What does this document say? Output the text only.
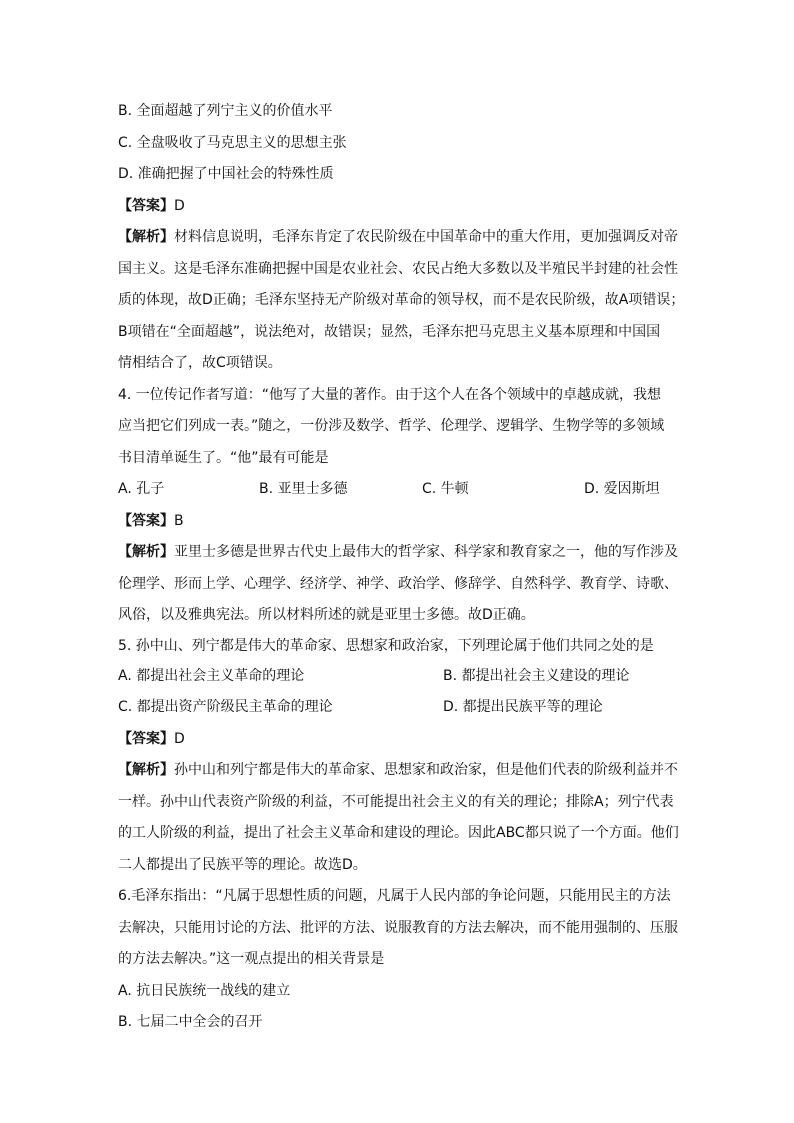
B. 全面超越了列宁主义的价值水平
C. 全盘吸收了马克思主义的思想主张
D. 准确把握了中国社会的特殊性质
【答案】D
【解析】材料信息说明，毛泽东肯定了农民阶级在中国革命中的重大作用，更加强调反对帝
国主义。这是毛泽东准确把握中国是农业社会、农民占绝大多数以及半殖民半封建的社会性
质的体现，故D正确；毛泽东坚持无产阶级对革命的领导权，而不是农民阶级，故A项错误；
B项错在“全面超越”，说法绝对，故错误；显然，毛泽东把马克思主义基本原理和中国国
情相结合了，故C项错误。
4. 一位传记作者写道：“他写了大量的著作。由于这个人在各个领域中的卓越成就，我想
应当把它们列成一表。”随之，一份涉及数学、哲学、伦理学、逻辑学、生物学等的多领域
书目清单诞生了。“他”最有可能是
A. 孔子	B. 亚里士多德	C. 牛顿	D. 爱因斯坦
【答案】B
【解析】亚里士多德是世界古代史上最伟大的哲学家、科学家和教育家之一，他的写作涉及
伦理学、形而上学、心理学、经济学、神学、政治学、修辞学、自然科学、教育学、诗歌、
风俗，以及雅典宪法。所以材料所述的就是亚里士多德。故D正确。
5. 孙中山、列宁都是伟大的革命家、思想家和政治家，下列理论属于他们共同之处的是
A. 都提出社会主义革命的理论	B. 都提出社会主义建设的理论
C. 都提出资产阶级民主革命的理论	D. 都提出民族平等的理论
【答案】D
【解析】孙中山和列宁都是伟大的革命家、思想家和政治家，但是他们代表的阶级利益并不
一样。孙中山代表资产阶级的利益，不可能提出社会主义的有关的理论；排除A；列宁代表
的工人阶级的利益，提出了社会主义革命和建设的理论。因此ABC都只说了一个方面。他们
二人都提出了民族平等的理论。故选D。
6.毛泽东指出：“凡属于思想性质的问题，凡属于人民内部的争论问题，只能用民主的方法
去解决，只能用讨论的方法、批评的方法、说服教育的方法去解决，而不能用强制的、压服
的方法去解决。”这一观点提出的相关背景是
A. 抗日民族统一战线的建立
B. 七届二中全会的召开
